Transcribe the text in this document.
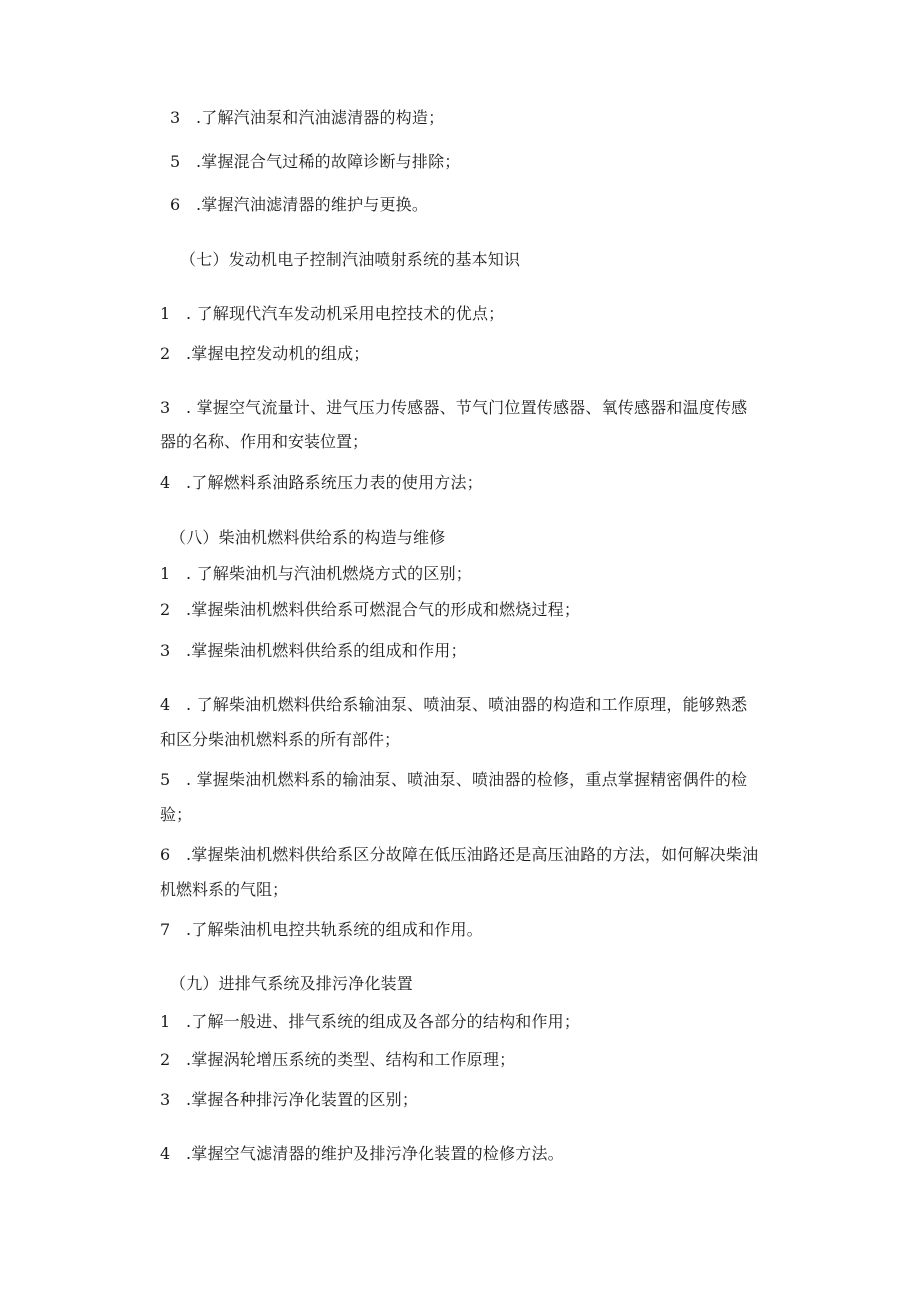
3 .了解汽油泵和汽油滤清器的构造；
5 .掌握混合气过稀的故障诊断与排除；
6 .掌握汽油滤清器的维护与更换。
（七）发动机电子控制汽油喷射系统的基本知识
1 . 了解现代汽车发动机采用电控技术的优点；
2 .掌握电控发动机的组成；
3 . 掌握空气流量计、进气压力传感器、节气门位置传感器、氧传感器和温度传感
器的名称、作用和安装位置；
4 .了解燃料系油路系统压力表的使用方法；
（八）柴油机燃料供给系的构造与维修
1 . 了解柴油机与汽油机燃烧方式的区别；
2 .掌握柴油机燃料供给系可燃混合气的形成和燃烧过程；
3 .掌握柴油机燃料供给系的组成和作用；
4 . 了解柴油机燃料供给系输油泵、喷油泵、喷油器的构造和工作原理，能够熟悉
和区分柴油机燃料系的所有部件；
5 . 掌握柴油机燃料系的输油泵、喷油泵、喷油器的检修，重点掌握精密偶件的检
验；
6 .掌握柴油机燃料供给系区分故障在低压油路还是高压油路的方法，如何解决柴油
机燃料系的气阻；
7 .了解柴油机电控共轨系统的组成和作用。
（九）进排气系统及排污净化装置
1 .了解一般进、排气系统的组成及各部分的结构和作用；
2 .掌握涡轮增压系统的类型、结构和工作原理；
3 .掌握各种排污净化装置的区别；
4 .掌握空气滤清器的维护及排污净化装置的检修方法。
